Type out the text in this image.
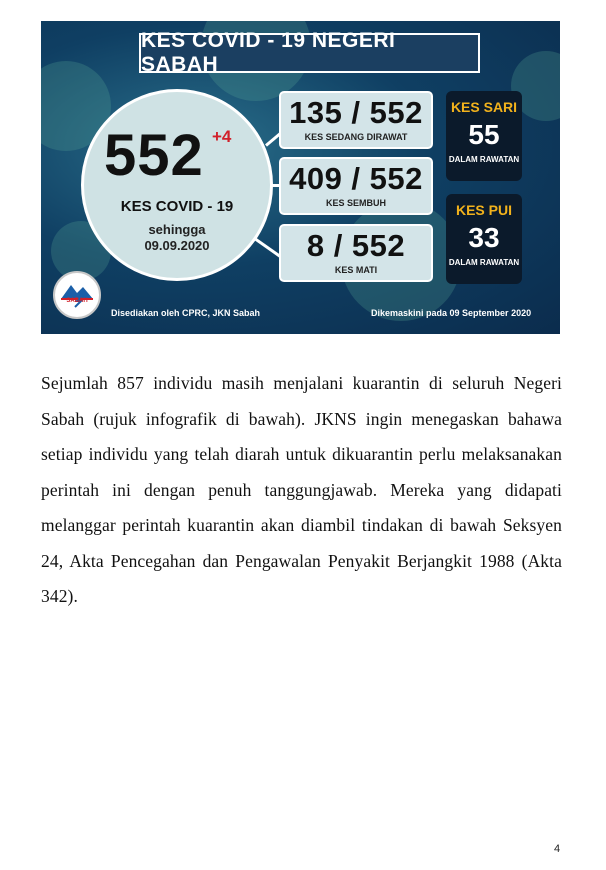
KES COVID - 19 NEGERI SABAH
552 +4
KES COVID - 19
sehingga
09.09.2020
135 / 552
KES SEDANG DIRAWAT
409 / 552
KES SEMBUH
8 / 552
KES MATI
KES SARI
55
DALAM RAWATAN
KES PUI
33
DALAM RAWATAN
SABAH
Disediakan oleh CPRC, JKN Sabah	Dikemaskini pada 09 September 2020
Sejumlah 857 individu masih menjalani kuarantin di seluruh Negeri Sabah (rujuk infografik di bawah). JKNS ingin menegaskan bahawa setiap individu yang telah diarah untuk dikuarantin perlu melaksanakan perintah ini dengan penuh tanggungjawab. Mereka yang didapati melanggar perintah kuarantin akan diambil tindakan di bawah Seksyen 24, Akta Pencegahan dan Pengawalan Penyakit Berjangkit 1988 (Akta 342).
4
